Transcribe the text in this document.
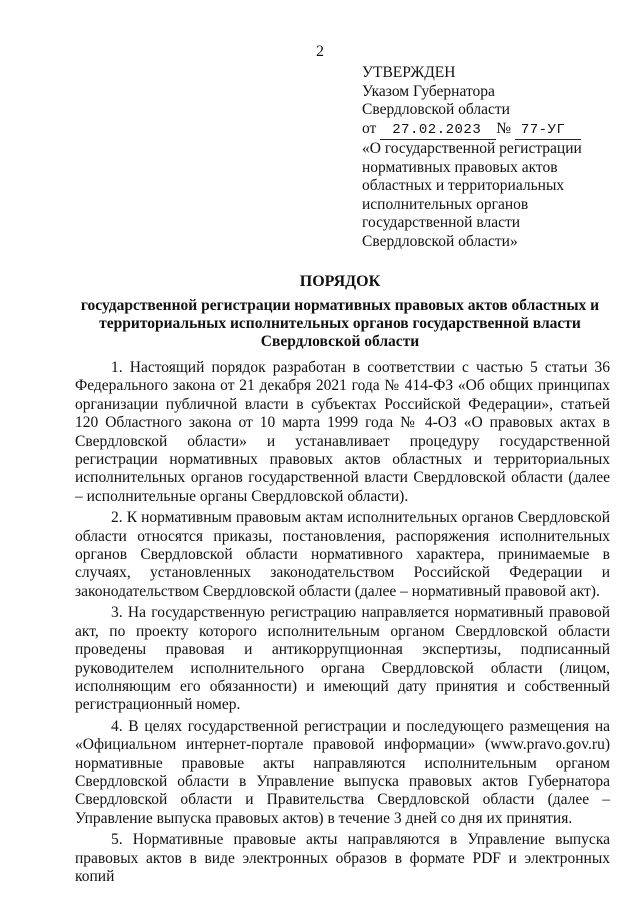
2
УТВЕРЖДЕН
Указом Губернатора
Свердловской области
от 27.02.2023 № 77-УГ
«О государственной регистрации
нормативных правовых актов
областных и территориальных
исполнительных органов
государственной власти
Свердловской области»
ПОРЯДОК
государственной регистрации нормативных правовых актов областных и территориальных исполнительных органов государственной власти Свердловской области

1. Настоящий порядок разработан в соответствии с частью 5 статьи 36 Федерального закона от 21 декабря 2021 года № 414-ФЗ «Об общих принципах организации публичной власти в субъектах Российской Федерации», статьей 120 Областного закона от 10 марта 1999 года № 4-ОЗ «О правовых актах в Свердловской области» и устанавливает процедуру государственной регистрации нормативных правовых актов областных и территориальных исполнительных органов государственной власти Свердловской области (далее – исполнительные органы Свердловской области).

2. К нормативным правовым актам исполнительных органов Свердловской области относятся приказы, постановления, распоряжения исполнительных органов Свердловской области нормативного характера, принимаемые в случаях, установленных законодательством Российской Федерации и законодательством Свердловской области (далее – нормативный правовой акт).

3. На государственную регистрацию направляется нормативный правовой акт, по проекту которого исполнительным органом Свердловской области проведены правовая и антикоррупционная экспертизы, подписанный руководителем исполнительного органа Свердловской области (лицом, исполняющим его обязанности) и имеющий дату принятия и собственный регистрационный номер.

4. В целях государственной регистрации и последующего размещения на «Официальном интернет-портале правовой информации» (www.pravo.gov.ru) нормативные правовые акты направляются исполнительным органом Свердловской области в Управление выпуска правовых актов Губернатора Свердловской области и Правительства Свердловской области (далее – Управление выпуска правовых актов) в течение 3 дней со дня их принятия.

5. Нормативные правовые акты направляются в Управление выпуска правовых актов в виде электронных образов в формате PDF и электронных копий
